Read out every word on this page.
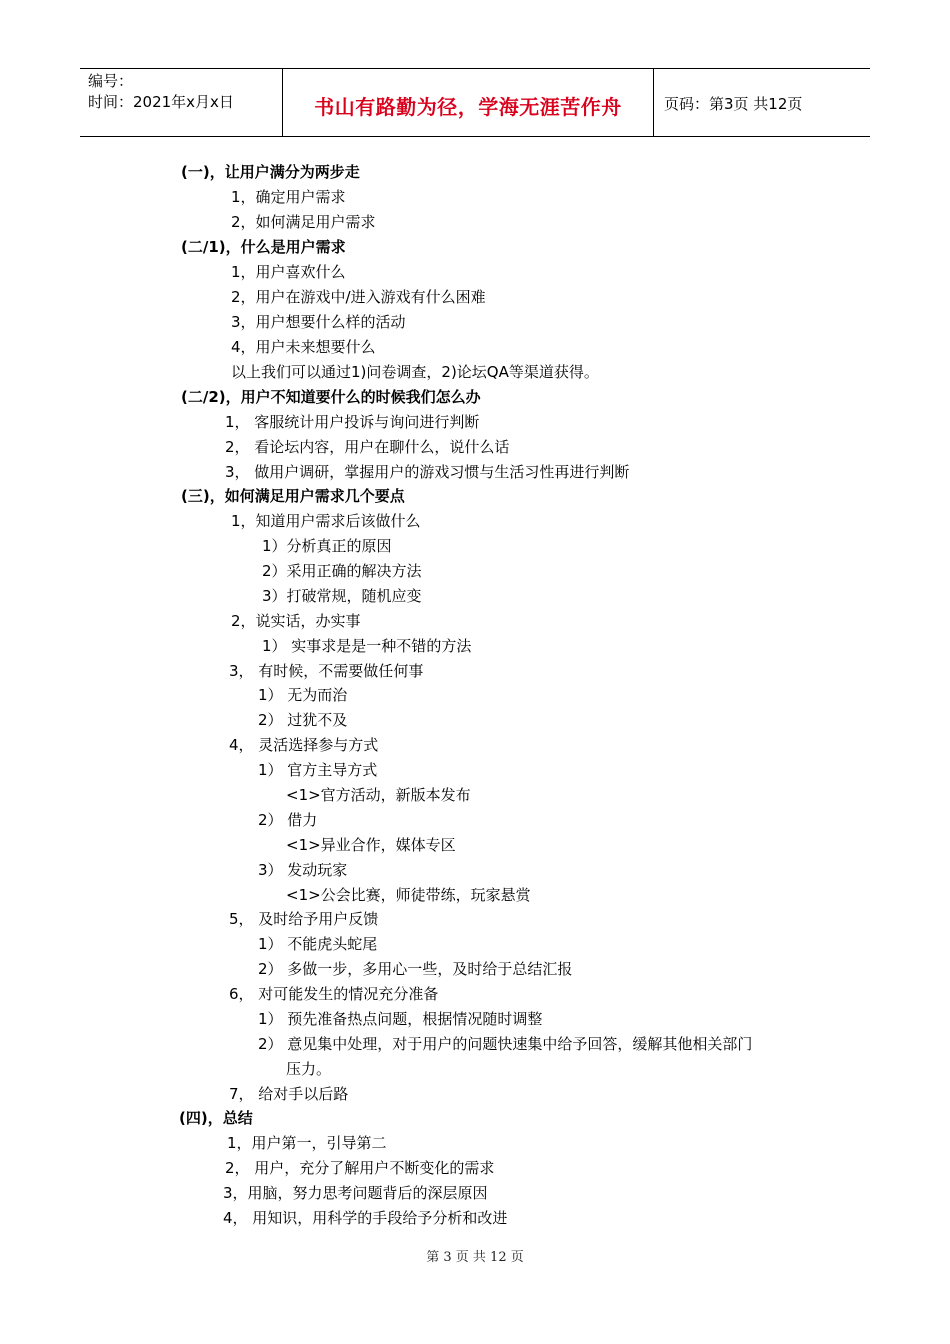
编号：
时间：2021年x月x日	书山有路勤为径，学海无涯苦作舟	页码：第3页 共12页
(一)，让用户满分为两步走
1，确定用户需求
2，如何满足用户需求
(二/1)，什么是用户需求
1，用户喜欢什么
2，用户在游戏中/进入游戏有什么困难
3，用户想要什么样的活动
4，用户未来想要什么
以上我们可以通过1)问卷调查，2)论坛QA等渠道获得。
(二/2)，用户不知道要什么的时候我们怎么办
1， 客服统计用户投诉与询问进行判断
2， 看论坛内容，用户在聊什么，说什么话
3， 做用户调研，掌握用户的游戏习惯与生活习性再进行判断
(三)，如何满足用户需求几个要点
1，知道用户需求后该做什么
1）分析真正的原因
2）采用正确的解决方法
3）打破常规，随机应变
2，说实话，办实事
1） 实事求是是一种不错的方法
3， 有时候，不需要做任何事
1） 无为而治
2） 过犹不及
4， 灵活选择参与方式
1） 官方主导方式
<1>官方活动，新版本发布
2） 借力
<1>异业合作，媒体专区
3） 发动玩家
<1>公会比赛，师徒带练，玩家悬赏
5， 及时给予用户反馈
1） 不能虎头蛇尾
2） 多做一步，多用心一些，及时给于总结汇报
6， 对可能发生的情况充分准备
1） 预先准备热点问题，根据情况随时调整
2） 意见集中处理，对于用户的问题快速集中给予回答，缓解其他相关部门
压力。
7， 给对手以后路
(四)，总结
1，用户第一，引导第二
2， 用户，充分了解用户不断变化的需求
3，用脑，努力思考问题背后的深层原因
4， 用知识，用科学的手段给予分析和改进
第 3 页 共 12 页
